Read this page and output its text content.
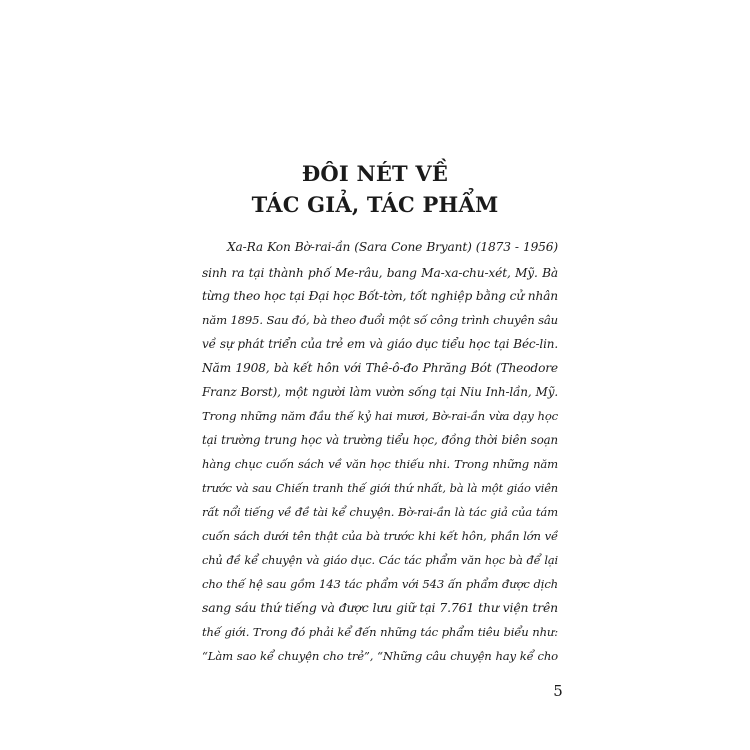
ĐÔI NÉT VỀ
TÁC GIẢ, TÁC PHẨM
Xa-Ra Kon Bờ-rai-ần (Sara Cone Bryant) (1873 - 1956)
sinh ra tại thành phố Me-râu, bang Ma-xa-chu-xét, Mỹ. Bà
từng theo học tại Đại học Bốt-tờn, tốt nghiệp bằng cử nhân
năm 1895. Sau đó, bà theo đuổi một số công trình chuyên sâu
về sự phát triển của trẻ em và giáo dục tiểu học tại Béc-lin.
Năm 1908, bà kết hôn với Thê-ô-đo Phrăng Bót (Theodore
Franz Borst), một người làm vườn sống tại Niu Inh-lần, Mỹ.
Trong những năm đầu thế kỷ hai mươi, Bờ-rai-ần vừa dạy học
tại trường trung học và trường tiểu học, đồng thời biên soạn
hàng chục cuốn sách về văn học thiếu nhi. Trong những năm
trước và sau Chiến tranh thế giới thứ nhất, bà là một giáo viên
rất nổi tiếng về đề tài kể chuyện. Bờ-rai-ần là tác giả của tám
cuốn sách dưới tên thật của bà trước khi kết hôn, phần lớn về
chủ đề kể chuyện và giáo dục. Các tác phẩm văn học bà để lại
cho thế hệ sau gồm 143 tác phẩm với 543 ấn phẩm được dịch
sang sáu thứ tiếng và được lưu giữ tại 7.761 thư viện trên
thế giới. Trong đó phải kể đến những tác phẩm tiêu biểu như:
“Làm sao kể chuyện cho trẻ”, “Những câu chuyện hay kể cho
5
